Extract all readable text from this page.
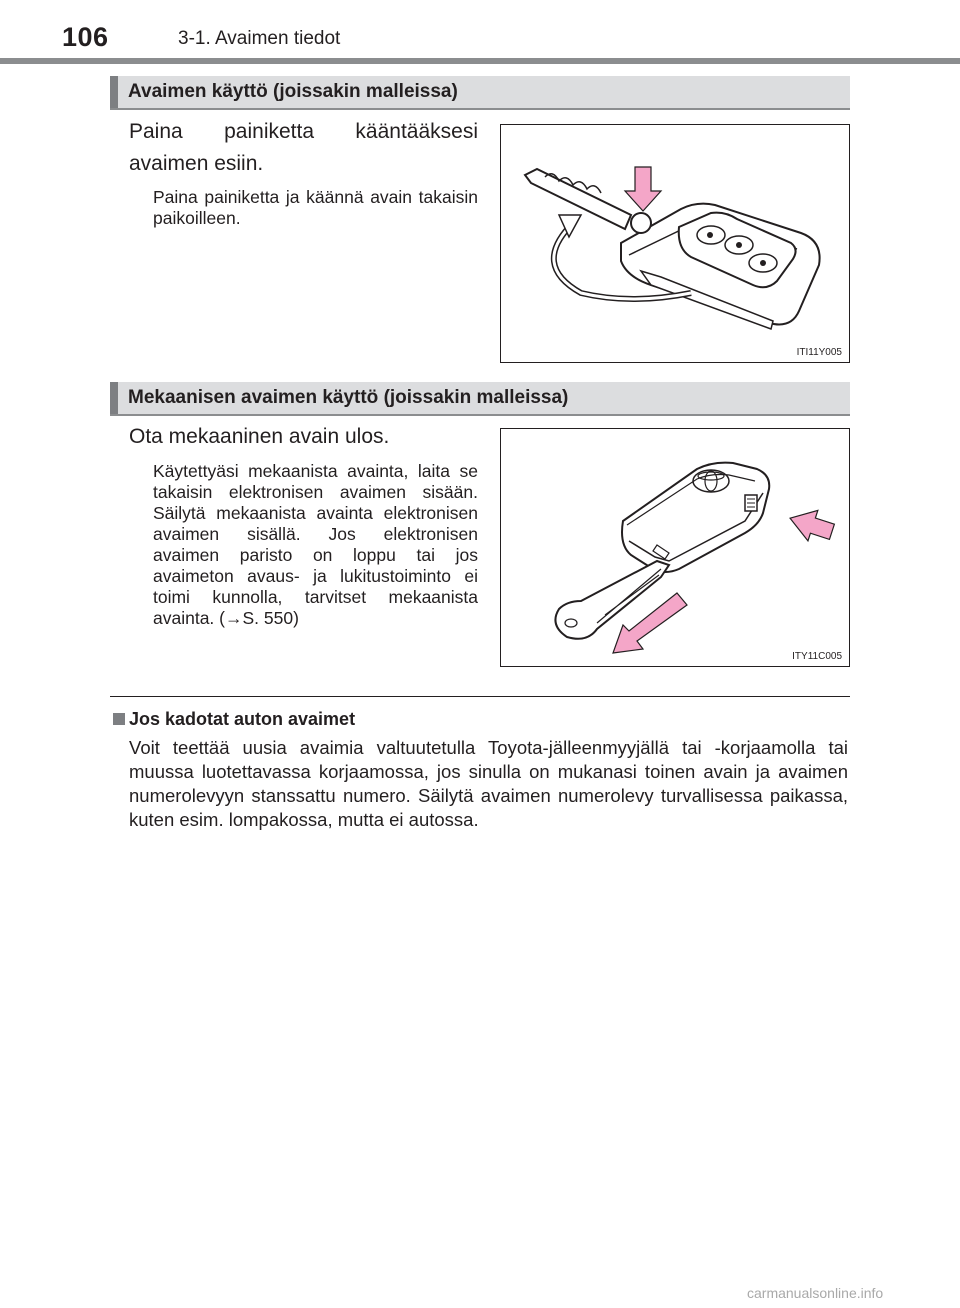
106	3-1. Avaimen tiedot
Avaimen käyttö (joissakin malleissa)
Paina painiketta kääntääksesi avaimen esiin.
Paina painiketta ja käännä avain takaisin paikoilleen.
ITI11Y005
Mekaanisen avaimen käyttö (joissakin malleissa)
Ota mekaaninen avain ulos.
Käytettyäsi mekaanista avainta, laita se takaisin elektronisen avaimen sisään. Säilytä mekaanista avainta elektronisen avaimen sisällä. Jos elektronisen avaimen paristo on loppu tai jos avaimeton avaus- ja lukitustoiminto ei toimi kunnolla, tarvitset mekaanista avainta. (→S. 550)
ITY11C005
Jos kadotat auton avaimet
Voit teettää uusia avaimia valtuutetulla Toyota-jälleenmyyjällä tai -korjaamolla tai muussa luotettavassa korjaamossa, jos sinulla on mukanasi toinen avain ja avaimen numerolevyyn stanssattu numero. Säilytä avaimen numerolevy turvallisessa paikassa, kuten esim. lompakossa, mutta ei autossa.
carmanualsonline.info
